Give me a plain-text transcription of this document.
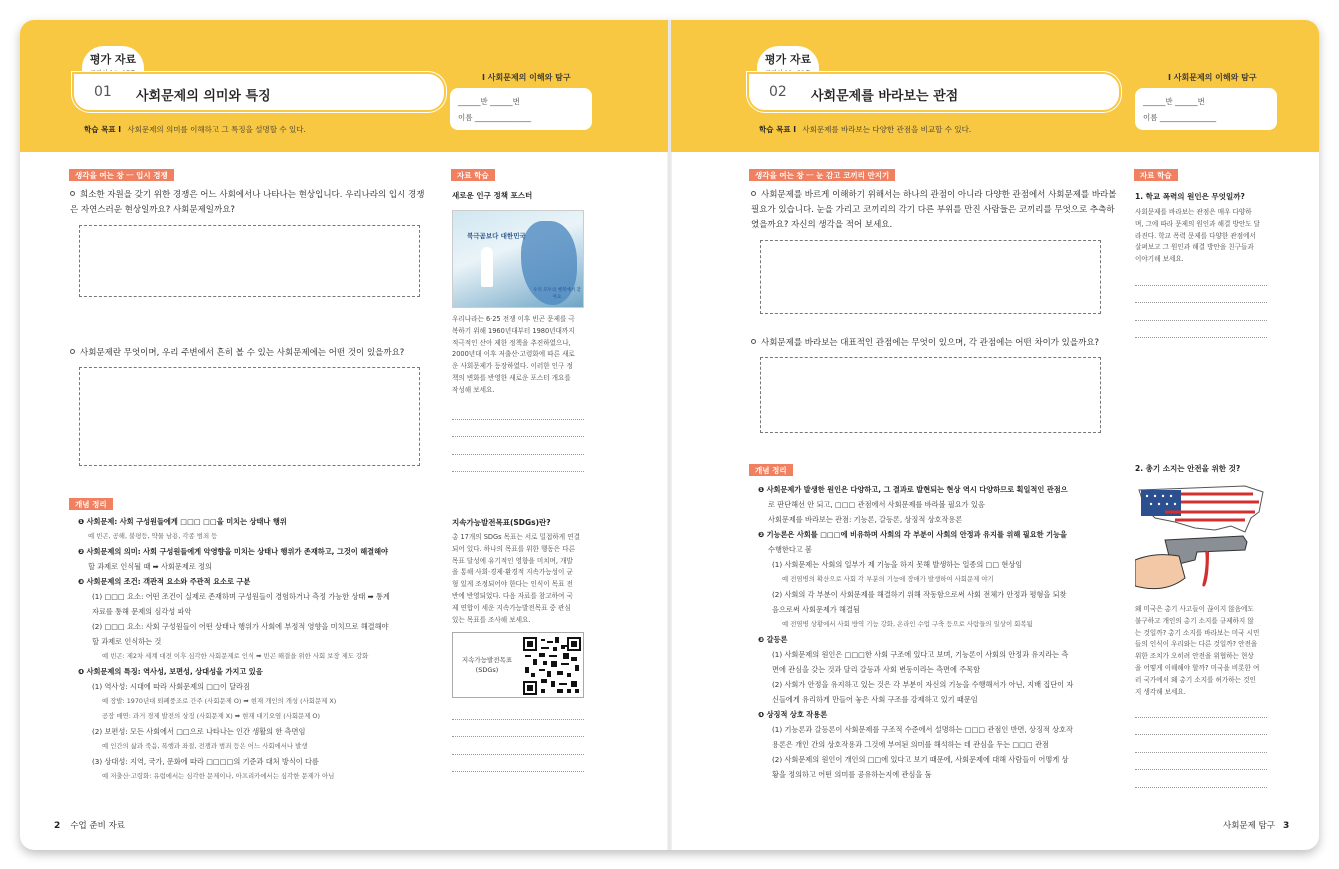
평가 자료
01 사회문제의 의미와 특징
Ⅰ 사회문제의 이해와 탐구
______반 ______번
이름 _______________
학습 목표 Ⅰ 사회문제의 의미를 이해하고 그 특징을 설명할 수 있다.
생각을 여는 창 ㅡ 입시 경쟁
희소한 자원을 갖기 위한 경쟁은 어느 사회에서나 나타나는 현상입니다. 우리나라의 입시 경쟁은 자연스러운 현상일까요? 사회문제일까요?
사회문제란 무엇이며, 우리 주변에서 흔히 볼 수 있는 사회문제에는 어떤 것이 있을까요?
개념 정리
❶ 사회문제: 사회 구성원들에게 □□□ □□을 미치는 상태나 행위
예 빈곤, 공해, 불평등, 약물 남용, 각종 범죄 등
❷ 사회문제의 의미: 사회 구성원들에게 악영향을 미치는 상태나 행위가 존재하고, 그것이 해결해야
할 과제로 인식될 때 ➡ 사회문제로 정의
❸ 사회문제의 조건: 객관적 요소와 주관적 요소로 구분
(1) □□□ 요소: 어떤 조건이 실제로 존재하며 구성원들이 경험하거나 측정 가능한 상태 ➡ 통계
자료를 통해 문제의 심각성 파악
(2) □□□ 요소: 사회 구성원들이 어떤 상태나 행위가 사회에 부정적 영향을 미치므로 해결해야
할 과제로 인식하는 것
예 빈곤: 제2차 세계 대전 이후 심각한 사회문제로 인식 ➡ 빈곤 해결을 위한 사회 보장 제도 강화
❹ 사회문제의 특징: 역사성, 보편성, 상대성을 가지고 있음
(1) 역사성: 시대에 따라 사회문제의 □□이 달라짐
예 장발: 1970년대 퇴폐풍조로 간주 (사회문제 O) ➡ 현재 개인의 개성 (사회문제 X)
공장 매연: 과거 경제 발전의 상징 (사회문제 X) ➡ 현재 대기오염 (사회문제 O)
(2) 보편성: 모든 사회에서 □□으로 나타나는 인간 생활의 한 측면임
예 인간의 삶과 죽음, 폭행과 좌절, 전쟁과 범죄 등은 어느 사회에서나 발생
(3) 상대성: 지역, 국가, 문화에 따라 □□□□의 기준과 대처 방식이 다름
예 저출산·고령화: 유럽에서는 심각한 문제이나, 아프리카에서는 심각한 문제가 아님
자료 학습
새로운 인구 정책 포스터
북극곰보다 대한민국
우리 모두의 행복에서 찾아요
우리나라는 6·25 전쟁 이후 빈곤 문제를 극
복하기 위해 1960년대부터 1980년대까지
적극적인 산아 제한 정책을 추진하였으나,
2000년대 이후 저출산·고령화에 따른 새로
운 사회문제가 등장하였다. 이러한 인구 정
책의 변화를 반영한 새로운 포스터 개요를
작성해 보세요.
지속가능발전목표(SDGs)란?
총 17개의 SDGs 목표는 서로 밀접하게 연결
되어 있다. 하나의 목표를 위한 행동은 다른
목표 달성에 유기적인 영향을 미치며, 개발
을 통해 사회·경제·환경적 지속가능성이 균
형 있게 조정되어야 한다는 인식이 목표 전
반에 반영되었다. 다음 자료를 참고하여 국
제 연합이 세운 지속가능발전목표 중 관심
있는 목표를 조사해 보세요.
지속가능발전목표 (SDGs)
2 수업 준비 자료
평가 자료
02 사회문제를 바라보는 관점
Ⅰ 사회문제의 이해와 탐구
______반 ______번
이름 _______________
학습 목표 Ⅰ 사회문제를 바라보는 다양한 관점을 비교할 수 있다.
생각을 여는 창 ㅡ 눈 감고 코끼리 만지기
사회문제를 바르게 이해하기 위해서는 하나의 관점이 아니라 다양한 관점에서 사회문제를 바라볼 필요가 있습니다. 눈을 가리고 코끼리의 각기 다른 부위를 만진 사람들은 코끼리를 무엇으로 추측하였을까요? 자신의 생각을 적어 보세요.
사회문제를 바라보는 대표적인 관점에는 무엇이 있으며, 각 관점에는 어떤 차이가 있을까요?
개념 정리
❶ 사회문제가 발생한 원인은 다양하고, 그 결과로 발현되는 현상 역시 다양하므로 획일적인 관점으
로 판단해선 안 되고, □□□ 관점에서 사회문제를 바라볼 필요가 있음
사회문제를 바라보는 관점: 기능론, 갈등론, 상징적 상호작용론
❷ 기능론은 사회를 □□□에 비유하며 사회의 각 부분이 사회의 안정과 유지를 위해 필요한 기능을
수행한다고 봄
(1) 사회문제는 사회의 일부가 제 기능을 하지 못해 발생하는 일종의 □□ 현상임
예 전염병의 확산으로 사회 각 부분의 기능에 장애가 발생하여 사회문제 야기
(2) 사회의 각 부분이 사회문제를 해결하기 위해 작동함으로써 사회 전체가 안정과 평형을 되찾
음으로써 사회문제가 해결됨
예 전염병 상황에서 사회 방역 기능 강화, 온라인 수업 구축 등으로 사람들의 일상이 회복됨
❸ 갈등론
(1) 사회문제의 원인은 □□□한 사회 구조에 있다고 보며, 기능론이 사회의 안정과 유지라는 측
면에 관심을 갖는 것과 달리 갈등과 사회 변동이라는 측면에 주목함
(2) 사회가 안정을 유지하고 있는 것은 각 부분이 자신의 기능을 수행해서가 아닌, 지배 집단이 자
신들에게 유리하게 만들어 놓은 사회 구조를 강제하고 있기 때문임
❹ 상징적 상호 작용론
(1) 기능론과 갈등론이 사회문제를 구조적 수준에서 설명하는 □□□ 관점인 반면, 상징적 상호작
용론은 개인 간의 상호작용과 그것에 부여된 의미를 해석하는 데 관심을 두는 □□□ 관점
(2) 사회문제의 원인이 개인의 □□에 있다고 보기 때문에, 사회문제에 대해 사람들이 어떻게 상
황을 정의하고 어떤 의미를 공유하는지에 관심을 둠
자료 학습
1. 학교 폭력의 원인은 무엇일까?
사회문제를 바라보는 관점은 매우 다양하
며, 그에 따라 문제의 원인과 해결 방안도 달
라진다. 학교 폭력 문제를 다양한 관점에서
살펴보고 그 원인과 해결 방안을 친구들과
이야기해 보세요.
2. 총기 소지는 안전을 위한 것?
왜 미국은 총기 사고들이 끊이지 않음에도
불구하고 개인의 총기 소지를 규제하지 않
는 것일까? 총기 소지를 바라보는 미국 시민
들의 인식이 우리와는 다른 것일까? 안전을
위한 조치가 오히려 안전을 위협하는 현상
을 어떻게 이해해야 할까? 미국을 비롯한 여
러 국가에서 왜 총기 소지를 허가하는 것인
지 생각해 보세요.
사회문제 탐구 3
